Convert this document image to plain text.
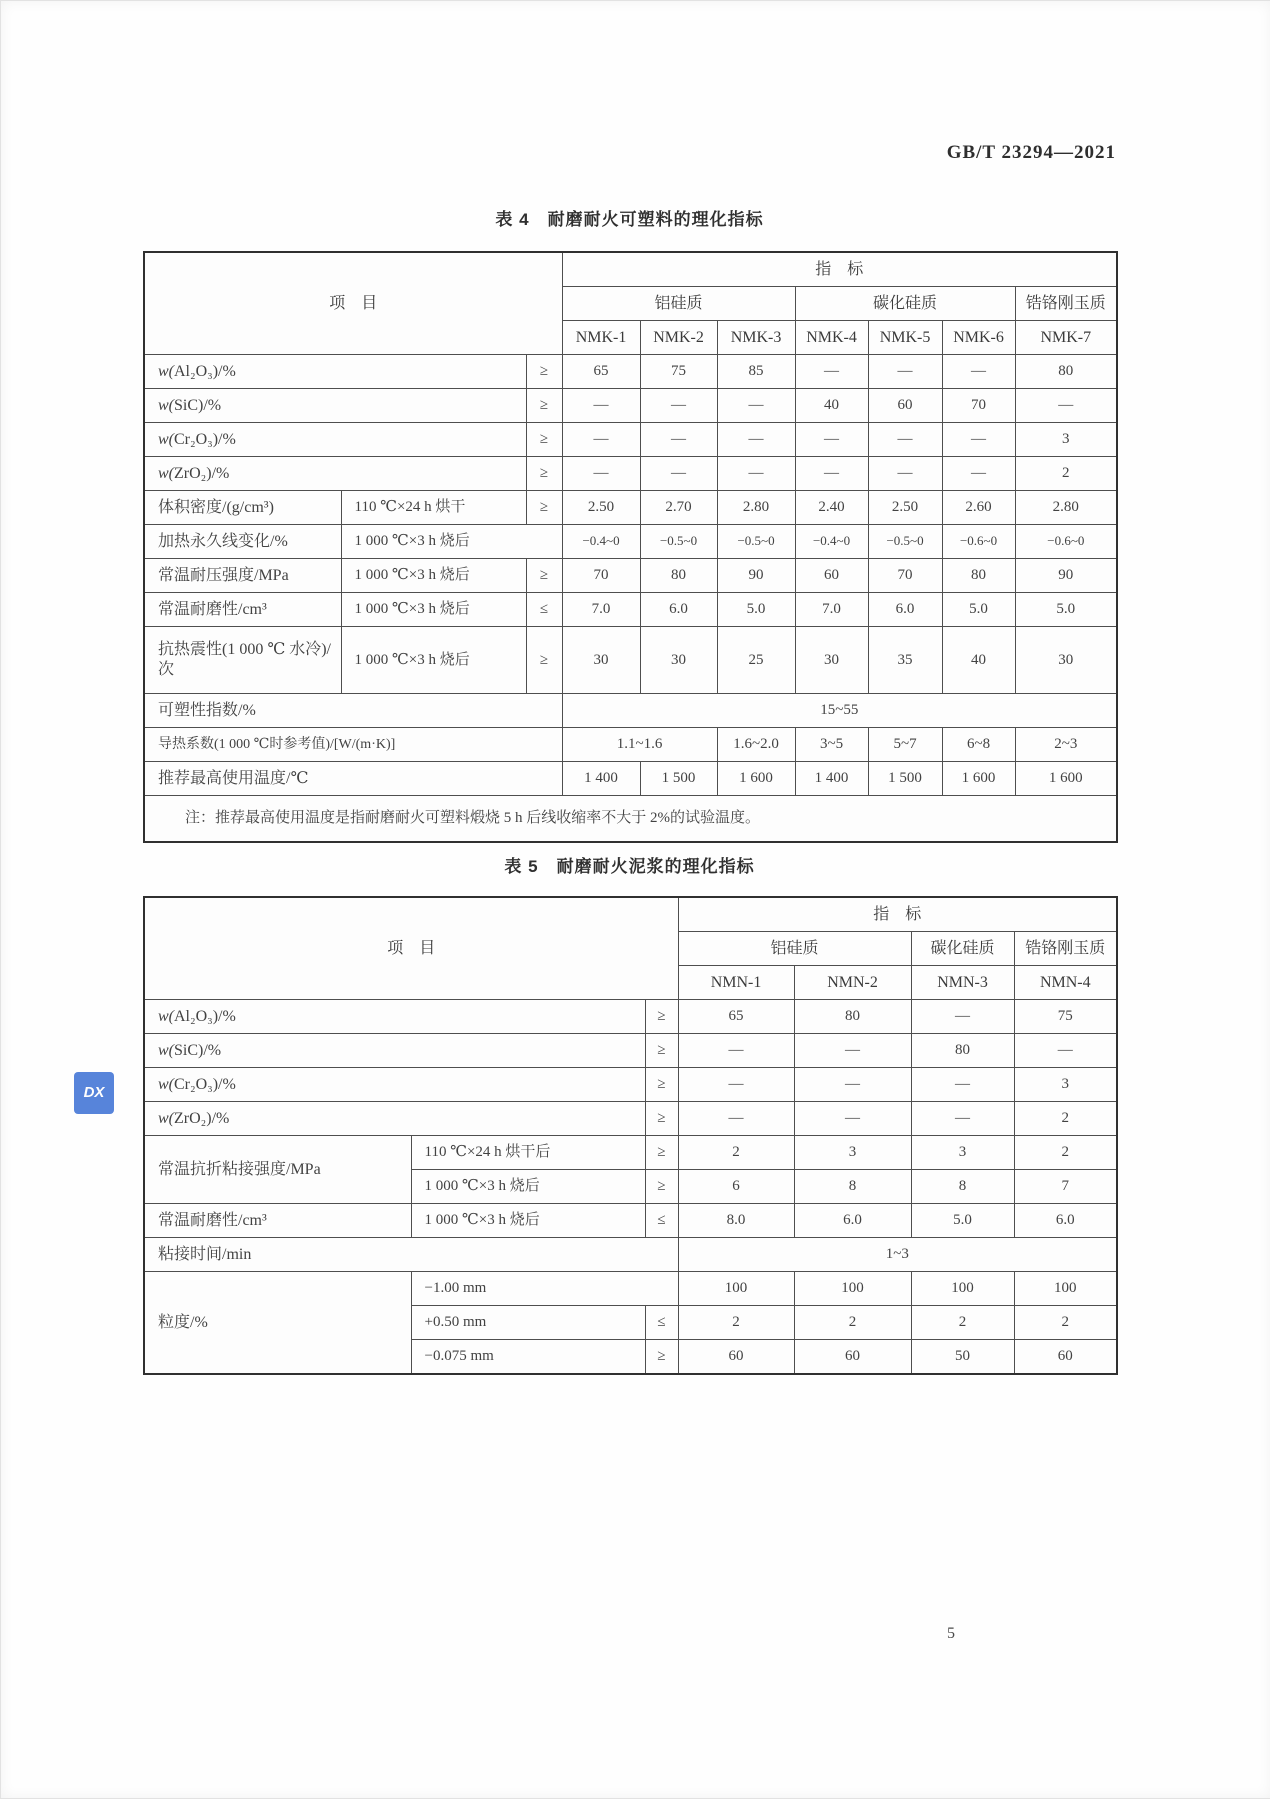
GB/T 23294—2021
表 4　耐磨耐火可塑料的理化指标
项　目			指　标						
			铝硅质			碳化硅质			锆铬刚玉质
			NMK-1	NMK-2	NMK-3	NMK-4	NMK-5	NMK-6	NMK-7
w(Al₂O₃)/%		≥	65	75	85	—	—	—	80
w(SiC)/%		≥	—	—	—	40	60	70	—
w(Cr₂O₃)/%		≥	—	—	—	—	—	—	3
w(ZrO₂)/%		≥	—	—	—	—	—	—	2
体积密度/(g/cm³)	110 ℃×24 h 烘干	≥	2.50	2.70	2.80	2.40	2.50	2.60	2.80
加热永久线变化/%	1 000 ℃×3 h 烧后		−0.4~0	−0.5~0	−0.5~0	−0.4~0	−0.5~0	−0.6~0	−0.6~0
常温耐压强度/MPa	1 000 ℃×3 h 烧后	≥	70	80	90	60	70	80	90
常温耐磨性/cm³	1 000 ℃×3 h 烧后	≤	7.0	6.0	5.0	7.0	6.0	5.0	5.0
抗热震性(1 000 ℃ 水冷)/次	1 000 ℃×3 h 烧后	≥	30	30	25	30	35	40	30
可塑性指数/%			15~55						
导热系数(1 000 ℃时参考值)/[W/(m·K)]			1.1~1.6		1.6~2.0	3~5	5~7	6~8	2~3
推荐最高使用温度/℃			1 400	1 500	1 600	1 400	1 500	1 600	1 600
注：推荐最高使用温度是指耐磨耐火可塑料煅烧 5 h 后线收缩率不大于 2%的试验温度。									
表 5　耐磨耐火泥浆的理化指标
项　目			指　标			
			铝硅质		碳化硅质	锆铬刚玉质
			NMN-1	NMN-2	NMN-3	NMN-4
w(Al₂O₃)/%		≥	65	80	—	75
w(SiC)/%		≥	—	—	80	—
w(Cr₂O₃)/%		≥	—	—	—	3
w(ZrO₂)/%		≥	—	—	—	2
常温抗折粘接强度/MPa	110 ℃×24 h 烘干后	≥	2	3	3	2
	1 000 ℃×3 h 烧后	≥	6	8	8	7
常温耐磨性/cm³	1 000 ℃×3 h 烧后	≤	8.0	6.0	5.0	6.0
粘接时间/min			1~3			
粒度/%	−1.00 mm		100	100	100	100
	+0.50 mm	≤	2	2	2	2
	−0.075 mm	≥	60	60	50	60
DX
5
